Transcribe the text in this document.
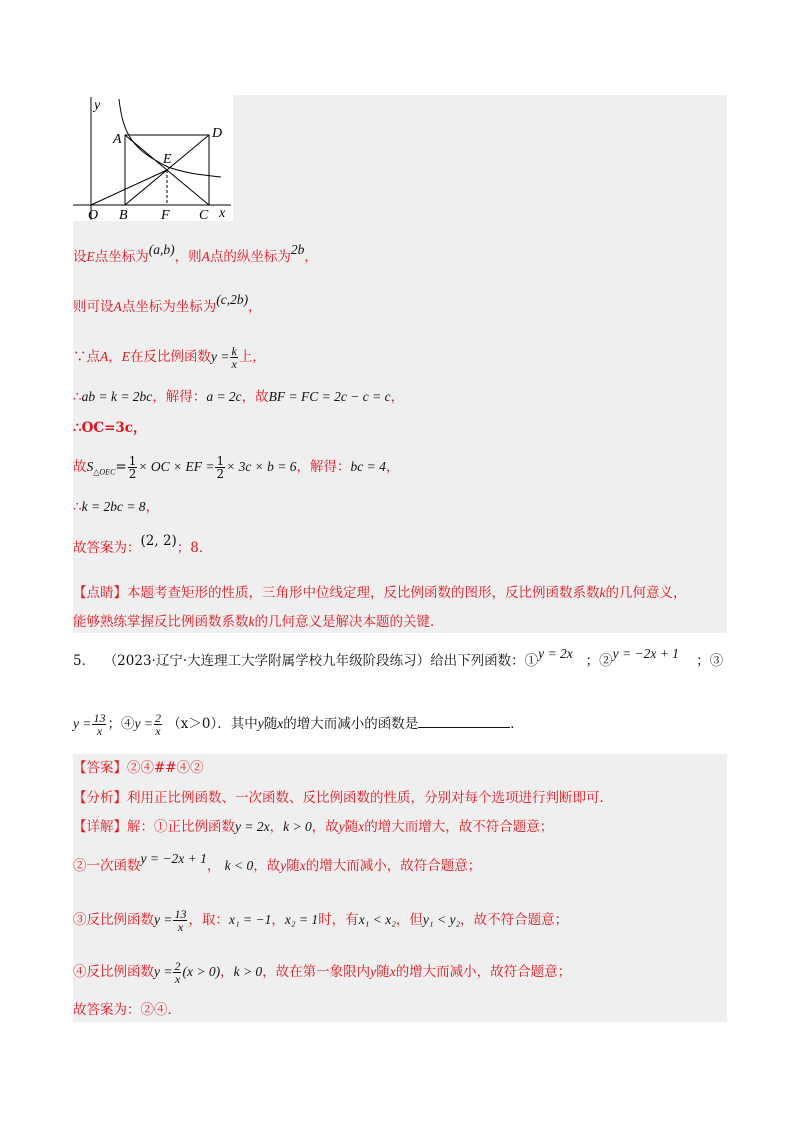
y
A	D
E
O B F C x
设E点坐标为(a,b)，则A点的纵坐标为2b，
则可设A点坐标为坐标为(c,2b)，
∵点A，E在反比例函数$y = \frac{k}{x}$ 上，
∴ab = k = 2bc，解得：a = 2c，故BF = FC = 2c − c = c，
∴OC=3c，
故$S_{\triangle OEC}= \frac{1}{2}$ × OC × EF = $\frac{1}{2} \times 3c \times b = 6$，解得：bc = 4，
∴k = 2bc = 8，
故答案为：(2, 2)；8．
【点睛】本题考查矩形的性质，三角形中位线定理，反比例函数的图形，反比例函数系数k的几何意义，
能够熟练掌握反比例函数系数k的几何意义是解决本题的关键．
5． （2023·辽宁·大连理工大学附属学校九年级阶段练习）给出下列函数：①y = 2x ；②y = −2x + 1 ；③
$y = \frac{13}{x}$ ；④y = $\frac{2}{x} (x>0)$．其中y随x的增大而减小的函数是	．
【答案】②④##④②
【分析】利用正比例函数、一次函数、反比例函数的性质，分别对每个选项进行判断即可．
【详解】解：①正比例函数y = 2x，k > 0，故y随x的增大而增大，故不符合题意；
②一次函数y = −2x + 1， k < 0，故y随x的增大而减小，故符合题意；
③反比例函数$y = \frac{13}{x}$ ，取：x₁ = −1，x₂ = 1时，有x₁ < x₂，但y₁ < y₂，故不符合题意；
④反比例函数$y = \frac{2}{x} (x > 0)$，k > 0，故在第一象限内y随x的增大而减小，故符合题意；
故答案为：②④．
